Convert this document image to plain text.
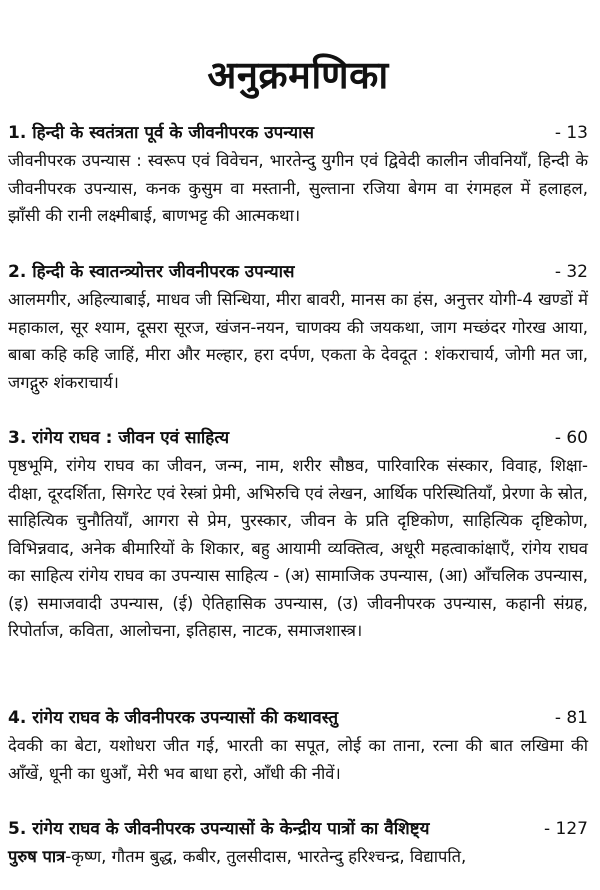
अनुक्रमणिका
1. हिन्दी के स्वतंत्रता पूर्व के जीवनीपरक उपन्यास	- 13
जीवनीपरक उपन्यास : स्वरूप एवं विवेचन, भारतेन्दु युगीन एवं द्विवेदी कालीन जीवनियाँ, हिन्दी के जीवनीपरक उपन्यास, कनक कुसुम वा मस्तानी, सुल्ताना रजिया बेगम वा रंगमहल में हलाहल, झाँसी की रानी लक्ष्मीबाई, बाणभट्ट की आत्मकथा।
2. हिन्दी के स्वातन्त्र्योत्तर जीवनीपरक उपन्यास	- 32
आलमगीर, अहिल्याबाई, माधव जी सिन्धिया, मीरा बावरी, मानस का हंस, अनुत्तर योगी-4 खण्डों में महाकाल, सूर श्याम, दूसरा सूरज, खंजन-नयन, चाणक्य की जयकथा, जाग मच्छंदर गोरख आया, बाबा कहि कहि जाहिं, मीरा और मल्हार, हरा दर्पण, एकता के देवदूत : शंकराचार्य, जोगी मत जा, जगद्गुरु शंकराचार्य।
3. रांगेय राघव : जीवन एवं साहित्य	- 60
पृष्ठभूमि, रांगेय राघव का जीवन, जन्म, नाम, शरीर सौष्ठव, पारिवारिक संस्कार, विवाह, शिक्षा-दीक्षा, दूरदर्शिता, सिगरेट एवं रेस्त्रां प्रेमी, अभिरुचि एवं लेखन, आर्थिक परिस्थितियाँ, प्रेरणा के स्रोत, साहित्यिक चुनौतियाँ, आगरा से प्रेम, पुरस्कार, जीवन के प्रति दृष्टिकोण, साहित्यिक दृष्टिकोण, विभिन्नवाद, अनेक बीमारियों के शिकार, बहु आयामी व्यक्तित्व, अधूरी महत्वाकांक्षाएँ, रांगेय राघव का साहित्य रांगेय राघव का उपन्यास साहित्य - (अ) सामाजिक उपन्यास, (आ) आँचलिक उपन्यास, (इ) समाजवादी उपन्यास, (ई) ऐतिहासिक उपन्यास, (उ) जीवनीपरक उपन्यास, कहानी संग्रह, रिपोर्ताज, कविता, आलोचना, इतिहास, नाटक, समाजशास्त्र।
4. रांगेय राघव के जीवनीपरक उपन्यासों की कथावस्तु	- 81
देवकी का बेटा, यशोधरा जीत गई, भारती का सपूत, लोई का ताना, रत्ना की बात लखिमा की आँखें, धूनी का धुआँ, मेरी भव बाधा हरो, आँधी की नीवें।
5. रांगेय राघव के जीवनीपरक उपन्यासों के केन्द्रीय पात्रों का वैशिष्ट्य	- 127
पुरुष पात्र-कृष्ण, गौतम बुद्ध, कबीर, तुलसीदास, भारतेन्दु हरिश्चन्द्र, विद्यापति,
